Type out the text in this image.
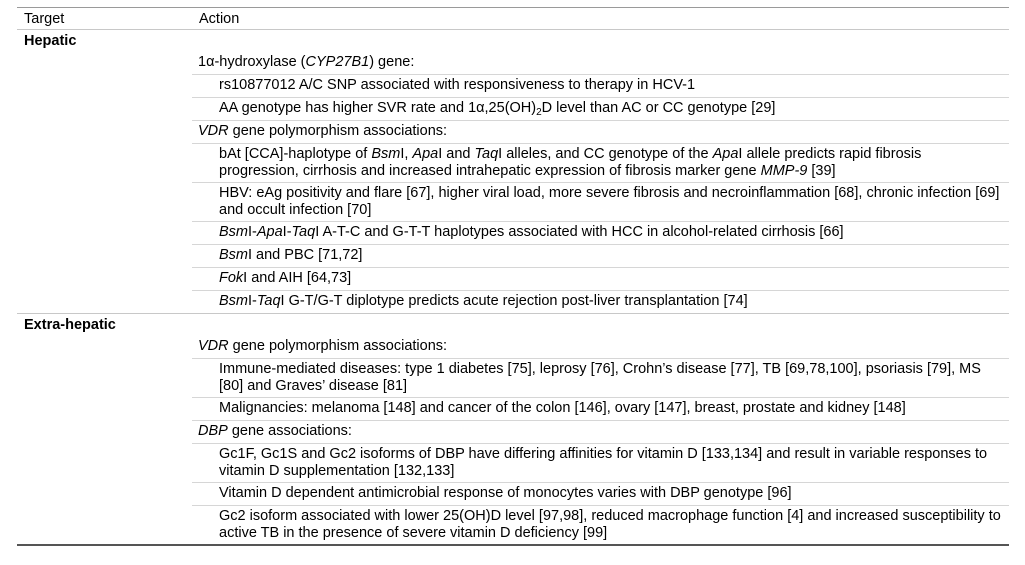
Target	Action
Hepatic
1α-hydroxylase (CYP27B1) gene:
rs10877012 A/C SNP associated with responsiveness to therapy in HCV-1
AA genotype has higher SVR rate and $1\alpha,25(OH)_2D$ level than AC or CC genotype [29]
VDR gene polymorphism associations:
bAt [CCA]-haplotype of BsmI, ApaI and TaqI alleles, and CC genotype of the ApaI allele predicts rapid fibrosis progression, cirrhosis and increased intrahepatic expression of fibrosis marker gene MMP-9 [39]
HBV: eAg positivity and flare [67], higher viral load, more severe fibrosis and necroinflammation [68], chronic infection [69] and occult infection [70]
BsmI-ApaI-TaqI A-T-C and G-T-T haplotypes associated with HCC in alcohol-related cirrhosis [66]
BsmI and PBC [71,72]
FokI and AIH [64,73]
BsmI-TaqI G-T/G-T diplotype predicts acute rejection post-liver transplantation [74]
Extra-hepatic
VDR gene polymorphism associations:
Immune-mediated diseases: type 1 diabetes [75], leprosy [76], Crohn’s disease [77], TB [69,78,100], psoriasis [79], MS [80] and Graves’ disease [81]
Malignancies: melanoma [148] and cancer of the colon [146], ovary [147], breast, prostate and kidney [148]
DBP gene associations:
Gc1F, Gc1S and Gc2 isoforms of DBP have differing affinities for vitamin D [133,134] and result in variable responses to vitamin D supplementation [132,133]
Vitamin D dependent antimicrobial response of monocytes varies with DBP genotype [96]
Gc2 isoform associated with lower 25(OH)D level [97,98], reduced macrophage function [4] and increased susceptibility to active TB in the presence of severe vitamin D deficiency [99]
